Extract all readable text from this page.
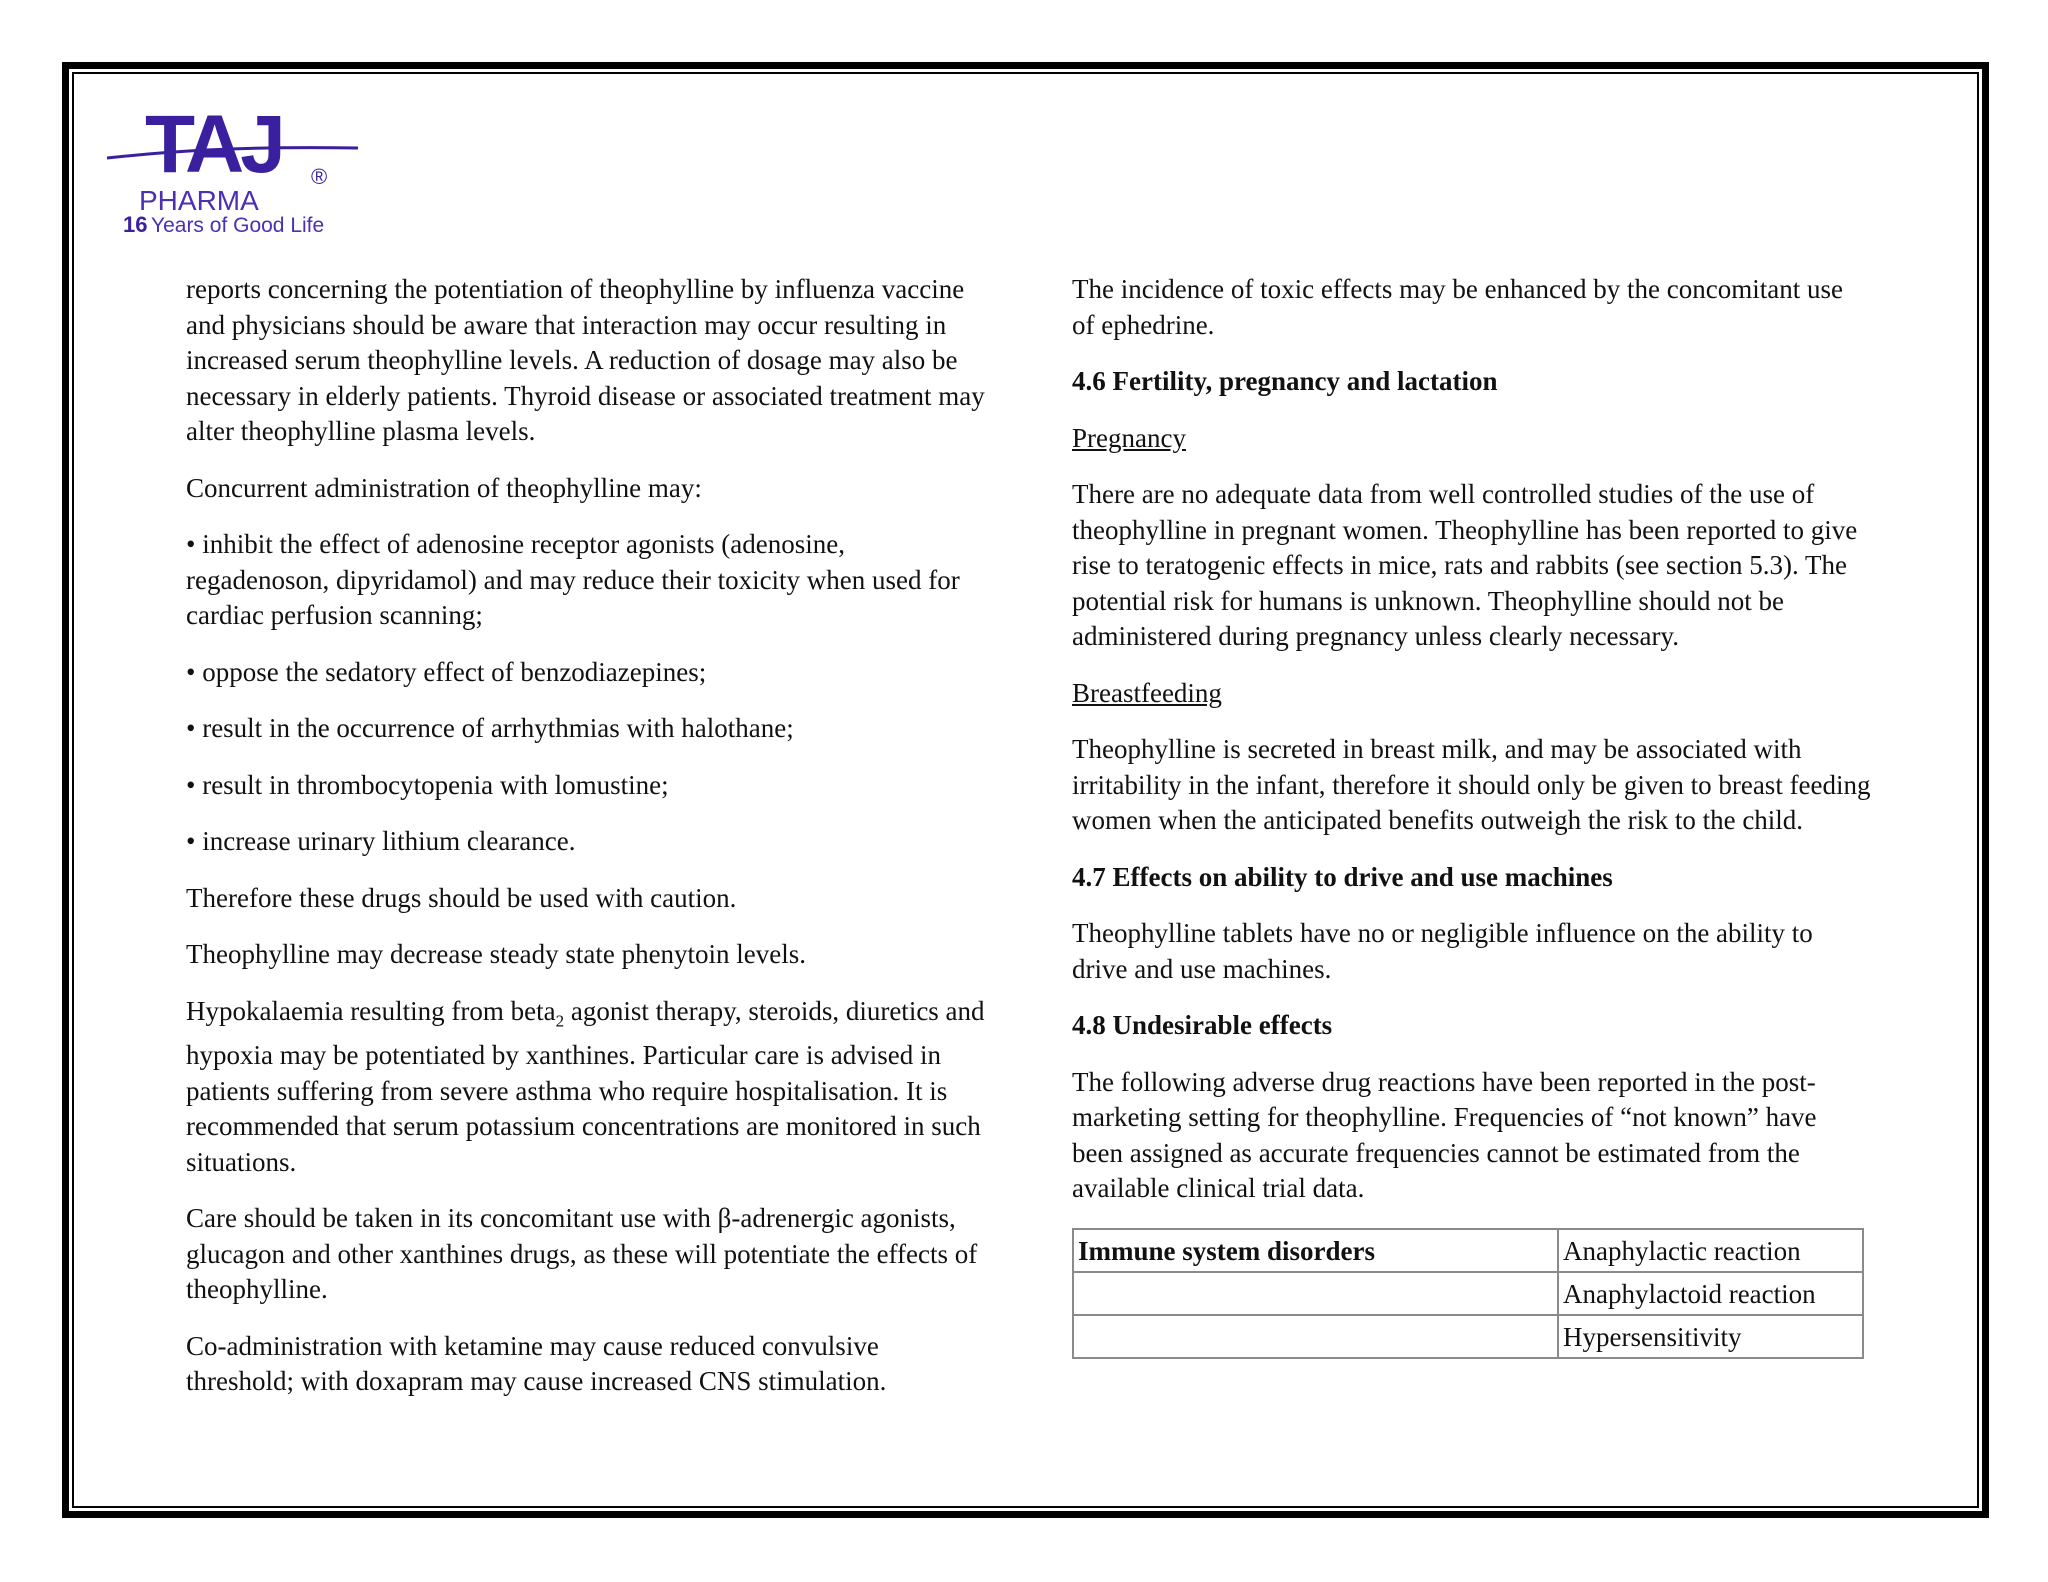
TAJ
PHARMA
®
16 Years of Good Life

reports concerning the potentiation of theophylline by influenza vaccine and physicians should be aware that interaction may occur resulting in increased serum theophylline levels. A reduction of dosage may also be necessary in elderly patients. Thyroid disease or associated treatment may alter theophylline plasma levels.

Concurrent administration of theophylline may:

• inhibit the effect of adenosine receptor agonists (adenosine, regadenoson, dipyridamol) and may reduce their toxicity when used for cardiac perfusion scanning;

• oppose the sedatory effect of benzodiazepines;

• result in the occurrence of arrhythmias with halothane;

• result in thrombocytopenia with lomustine;

• increase urinary lithium clearance.

Therefore these drugs should be used with caution.

Theophylline may decrease steady state phenytoin levels.

Hypokalaemia resulting from beta$_2$ agonist therapy, steroids, diuretics and hypoxia may be potentiated by xanthines. Particular care is advised in patients suffering from severe asthma who require hospitalisation. It is recommended that serum potassium concentrations are monitored in such situations.

Care should be taken in its concomitant use with β-adrenergic agonists, glucagon and other xanthines drugs, as these will potentiate the effects of theophylline.

Co-administration with ketamine may cause reduced convulsive threshold; with doxapram may cause increased CNS stimulation.

The incidence of toxic effects may be enhanced by the concomitant use of ephedrine.

4.6 Fertility, pregnancy and lactation

Pregnancy

There are no adequate data from well controlled studies of the use of theophylline in pregnant women. Theophylline has been reported to give rise to teratogenic effects in mice, rats and rabbits (see section 5.3). The potential risk for humans is unknown. Theophylline should not be administered during pregnancy unless clearly necessary.

Breastfeeding

Theophylline is secreted in breast milk, and may be associated with irritability in the infant, therefore it should only be given to breast feeding women when the anticipated benefits outweigh the risk to the child.

4.7 Effects on ability to drive and use machines

Theophylline tablets have no or negligible influence on the ability to drive and use machines.

4.8 Undesirable effects

The following adverse drug reactions have been reported in the post-marketing setting for theophylline. Frequencies of “not known” have been assigned as accurate frequencies cannot be estimated from the available clinical trial data.

Immune system disorders	Anaphylactic reaction
	Anaphylactoid reaction
	Hypersensitivity
